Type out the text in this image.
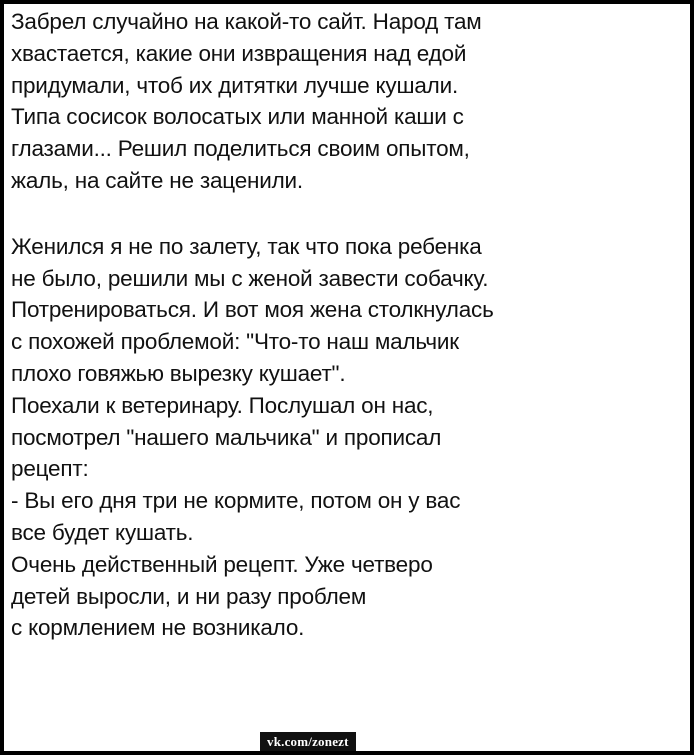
Забрел случайно на какой-то сайт. Народ там
хвастается, какие они извращения над едой
придумали, чтоб их дитятки лучше кушали.
Типа сосисок волосатых или манной каши с
глазами... Решил поделиться своим опытом,
жаль, на сайте не заценили.
Женился я не по залету, так что пока ребенка
не было, решили мы с женой завести собачку.
Потренироваться. И вот моя жена столкнулась
с похожей проблемой: "Что-то наш мальчик
плохо говяжью вырезку кушает".
Поехали к ветеринару. Послушал он нас,
посмотрел "нашего мальчика" и прописал
рецепт:
- Вы его дня три не кормите, потом он у вас
все будет кушать.
Очень действенный рецепт. Уже четверо
детей выросли, и ни разу проблем
с кормлением не возникало.
vk.com/zonezt
